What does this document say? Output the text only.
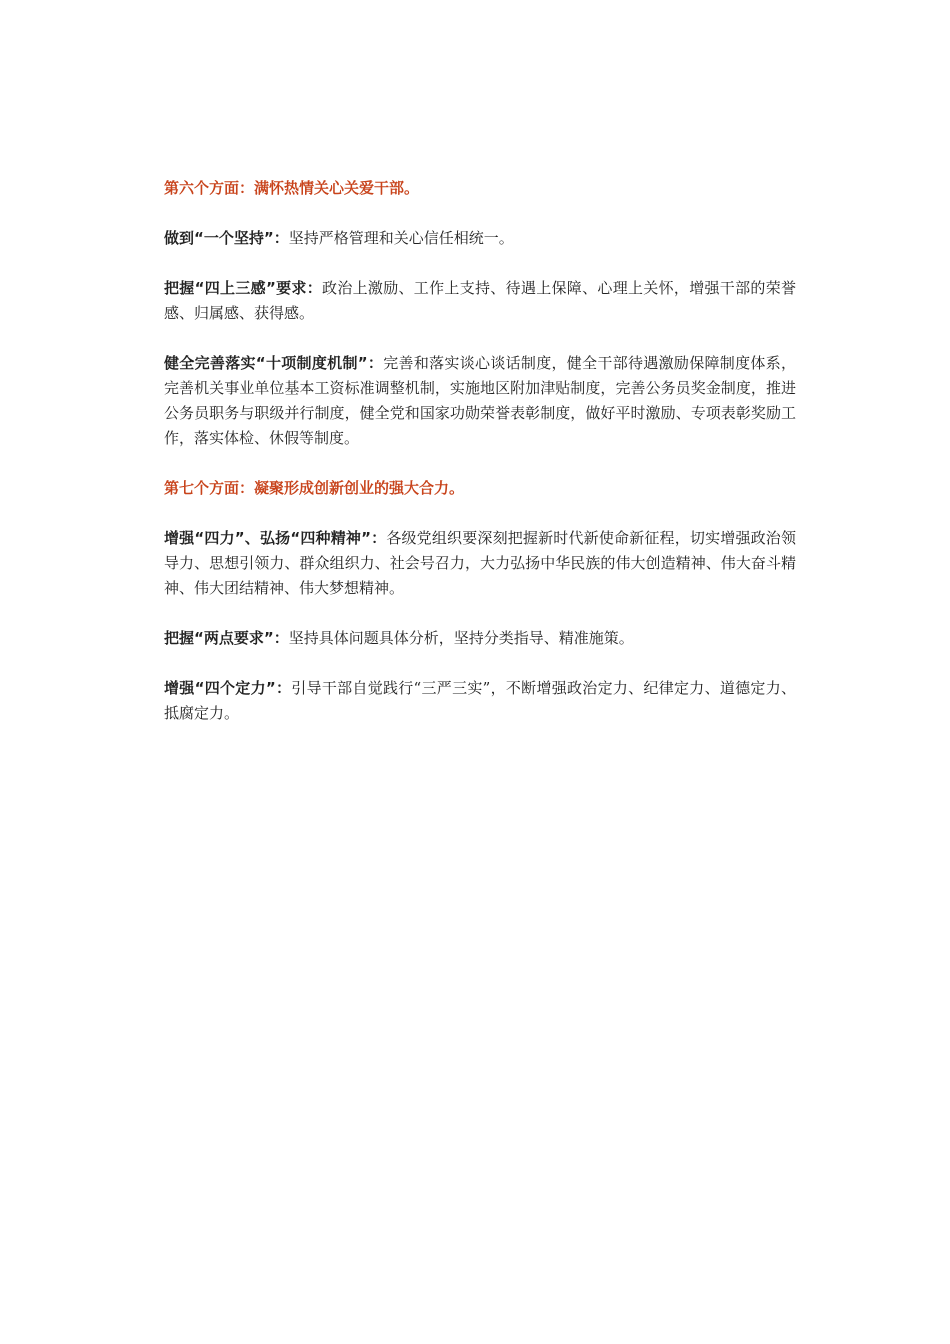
第六个方面：满怀热情关心关爱干部。

做到“一个坚持”：坚持严格管理和关心信任相统一。

把握“四上三感”要求：政治上激励、工作上支持、待遇上保障、心理上关怀，增强干部的荣誉感、归属感、获得感。

健全完善落实“十项制度机制”：完善和落实谈心谈话制度，健全干部待遇激励保障制度体系，完善机关事业单位基本工资标准调整机制，实施地区附加津贴制度，完善公务员奖金制度，推进公务员职务与职级并行制度，健全党和国家功勋荣誉表彰制度，做好平时激励、专项表彰奖励工作，落实体检、休假等制度。

第七个方面：凝聚形成创新创业的强大合力。

增强“四力”、弘扬“四种精神”：各级党组织要深刻把握新时代新使命新征程，切实增强政治领导力、思想引领力、群众组织力、社会号召力，大力弘扬中华民族的伟大创造精神、伟大奋斗精神、伟大团结精神、伟大梦想精神。

把握“两点要求”：坚持具体问题具体分析，坚持分类指导、精准施策。

增强“四个定力”：引导干部自觉践行“三严三实”，不断增强政治定力、纪律定力、道德定力、抵腐定力。
